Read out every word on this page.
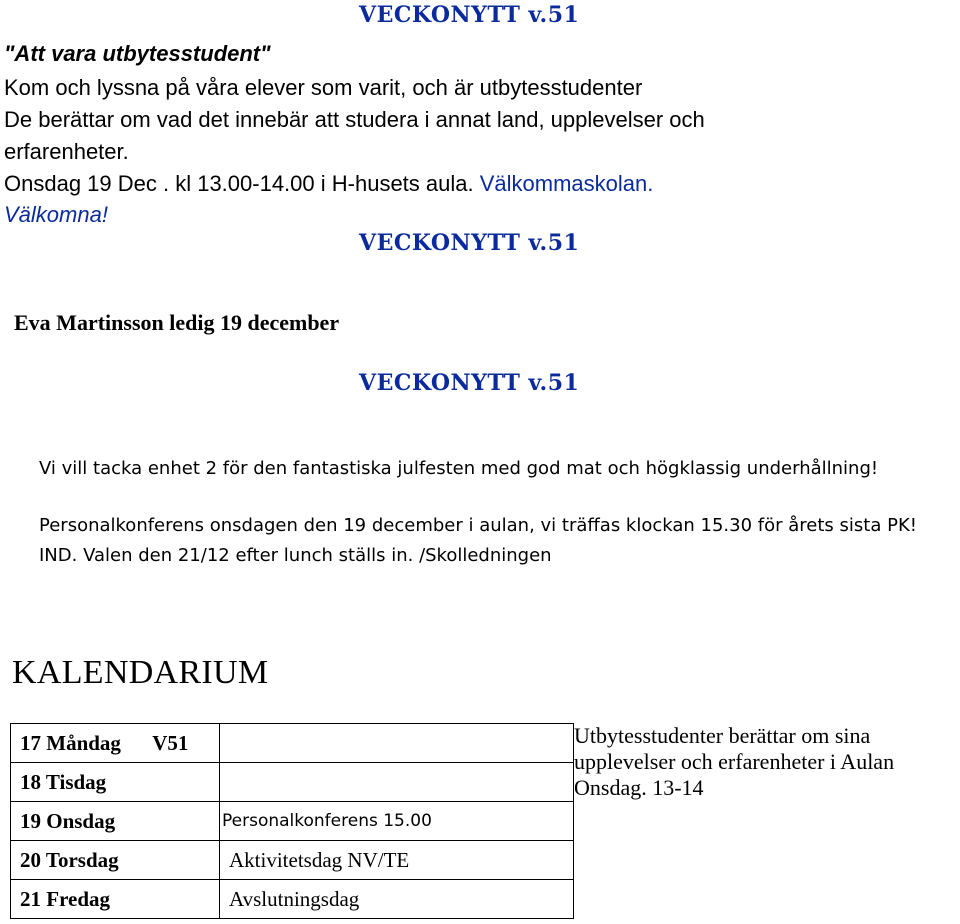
VECKONYTT v.51
"Att vara utbytesstudent"
Kom och lyssna på våra elever som varit, och är utbytesstudenter
De berättar om vad det innebär att studera i annat land, upplevelser och
erfarenheter.
Onsdag 19 Dec . kl 13.00-14.00 i H-husets aula. Välkommaskolan.
Välkomna!
VECKONYTT v.51
Eva Martinsson ledig 19 december
VECKONYTT v.51
Vi vill tacka enhet 2 för den fantastiska julfesten med god mat och högklassig underhållning!
Personalkonferens onsdagen den 19 december i aulan, vi träffas klockan 15.30 för årets sista PK!
IND. Valen den 21/12 efter lunch ställs in. /Skolledningen
KALENDARIUM
17 Måndag V51	
18 Tisdag	
19 Onsdag	Personalkonferens 15.00
20 Torsdag	Aktivitetsdag NV/TE
21 Fredag	Avslutningsdag
Utbytesstudenter berättar om sina upplevelser och erfarenheter i Aulan Onsdag. 13-14
